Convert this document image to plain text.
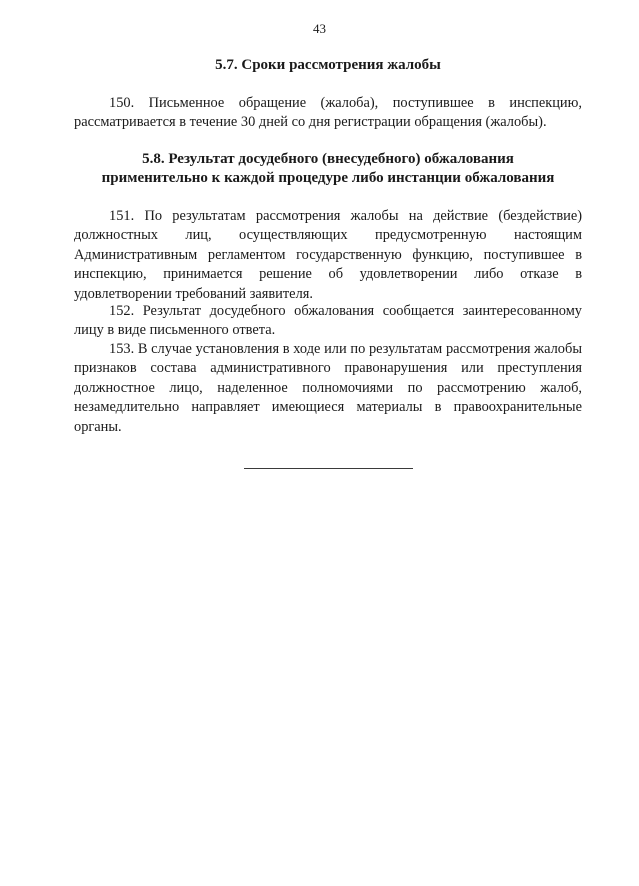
43
5.7. Сроки рассмотрения жалобы

150. Письменное обращение (жалоба), поступившее в инспекцию, рассматривается в течение 30 дней со дня регистрации обращения (жалобы).

5.8. Результат досудебного (внесудебного) обжалования
применительно к каждой процедуре либо инстанции обжалования

151. По результатам рассмотрения жалобы на действие (бездействие) должностных лиц, осуществляющих предусмотренную настоящим Административным регламентом государственную функцию, поступившее в инспекцию, принимается решение об удовлетворении либо отказе в удовлетворении требований заявителя.

152. Результат досудебного обжалования сообщается заинтересованному лицу в виде письменного ответа.

153. В случае установления в ходе или по результатам рассмотрения жалобы признаков состава административного правонарушения или преступления должностное лицо, наделенное полномочиями по рассмотрению жалоб, незамедлительно направляет имеющиеся материалы в правоохранительные органы.
